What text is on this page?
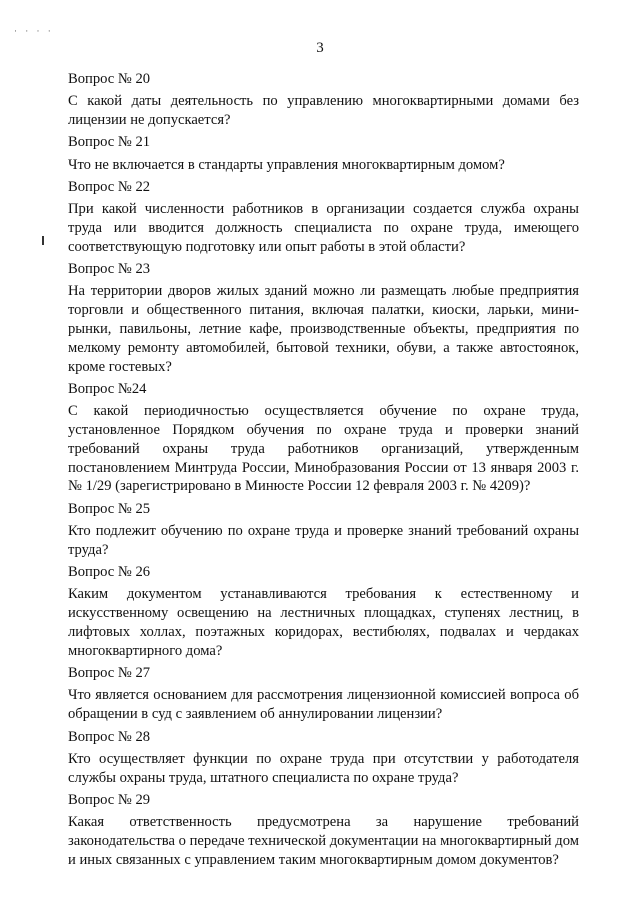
· · · ·
3
Вопрос № 20
С какой даты деятельность по управлению многоквартирными домами без лицензии не допускается?
Вопрос № 21
Что не включается в стандарты управления многоквартирным домом?
Вопрос № 22
При какой численности работников в организации создается служба охраны труда или вводится должность специалиста по охране труда, имеющего соответствующую подготовку или опыт работы в этой области?
Вопрос № 23
На территории дворов жилых зданий можно ли размещать любые предприятия торговли и общественного питания, включая палатки, киоски, ларьки, мини-рынки, павильоны, летние кафе, производственные объекты, предприятия по мелкому ремонту автомобилей, бытовой техники, обуви, а также автостоянок, кроме гостевых?
Вопрос №24
С какой периодичностью осуществляется обучение по охране труда, установленное Порядком обучения по охране труда и проверки знаний требований охраны труда работников организаций, утвержденным постановлением Минтруда России, Минобразования России от 13 января 2003 г. № 1/29 (зарегистрировано в Минюсте России 12 февраля 2003 г. № 4209)?
Вопрос № 25
Кто подлежит обучению по охране труда и проверке знаний требований охраны труда?
Вопрос № 26
Каким документом устанавливаются требования к естественному и искусственному освещению на лестничных площадках, ступенях лестниц, в лифтовых холлах, поэтажных коридорах, вестибюлях, подвалах и чердаках многоквартирного дома?
Вопрос № 27
Что является основанием для рассмотрения лицензионной комиссией вопроса об обращении в суд с заявлением об аннулировании лицензии?
Вопрос № 28
Кто осуществляет функции по охране труда при отсутствии у работодателя службы охраны труда, штатного специалиста по охране труда?
Вопрос № 29
Какая ответственность предусмотрена за нарушение требований законодательства о передаче технической документации на многоквартирный дом и иных связанных с управлением таким многоквартирным домом документов?
